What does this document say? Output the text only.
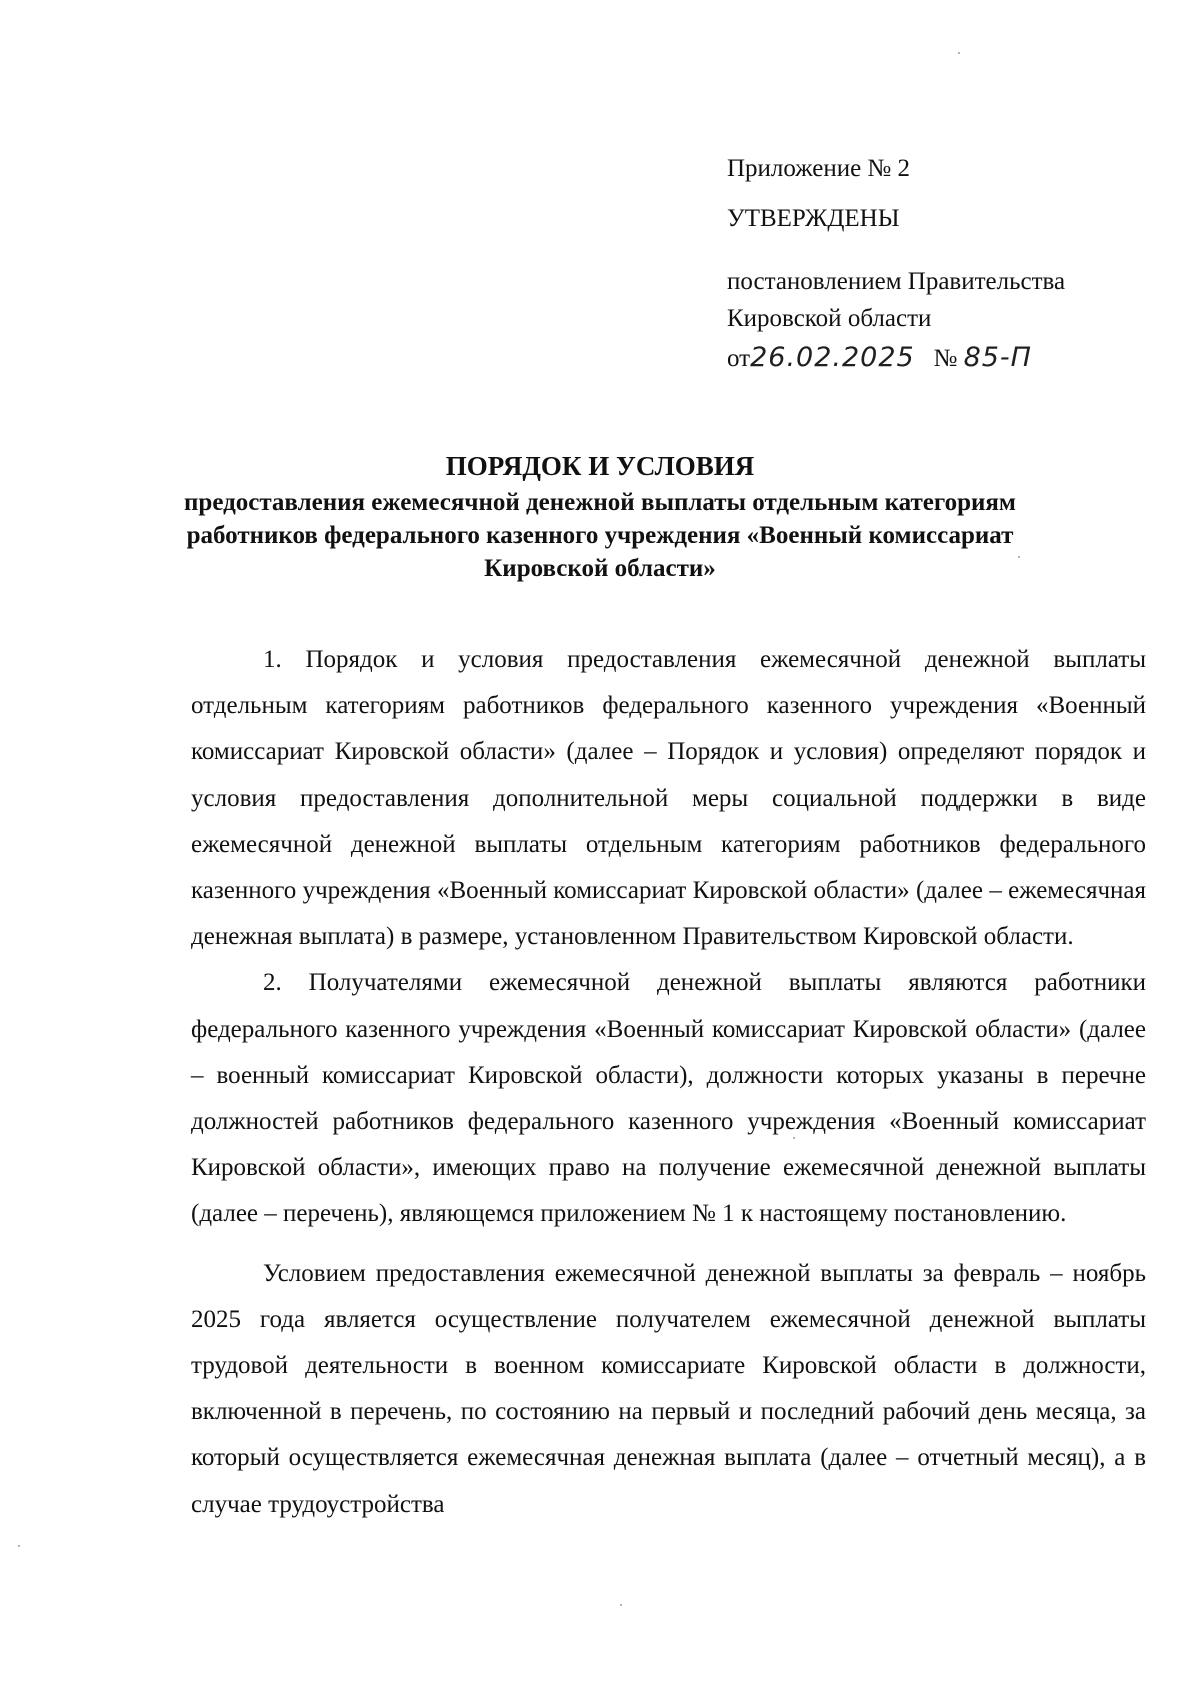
Приложение № 2
УТВЕРЖДЕНЫ
постановлением Правительства
Кировской области
от26.02.2025 № 85-П
ПОРЯДОК И УСЛОВИЯ
предоставления ежемесячной денежной выплаты отдельным категориям
работников федерального казенного учреждения «Военный комиссариат
Кировской области»

1. Порядок и условия предоставления ежемесячной денежной выплаты отдельным категориям работников федерального казенного учреждения «Военный комиссариат Кировской области» (далее – Порядок и условия) определяют порядок и условия предоставления дополнительной меры социальной поддержки в виде ежемесячной денежной выплаты отдельным категориям работников федерального казенного учреждения «Военный комиссариат Кировской области» (далее – ежемесячная денежная выплата) в размере, установленном Правительством Кировской области.

2. Получателями ежемесячной денежной выплаты являются работники федерального казенного учреждения «Военный комиссариат Кировской области» (далее – военный комиссариат Кировской области), должности которых указаны в перечне должностей работников федерального казенного учреждения «Военный комиссариат Кировской области», имеющих право на получение ежемесячной денежной выплаты (далее – перечень), являющемся приложением № 1 к настоящему постановлению.

Условием предоставления ежемесячной денежной выплаты за февраль – ноябрь 2025 года является осуществление получателем ежемесячной денежной выплаты трудовой деятельности в военном комиссариате Кировской области в должности, включенной в перечень, по состоянию на первый и последний рабочий день месяца, за который осуществляется ежемесячная денежная выплата (далее – отчетный месяц), а в случае трудоустройства
